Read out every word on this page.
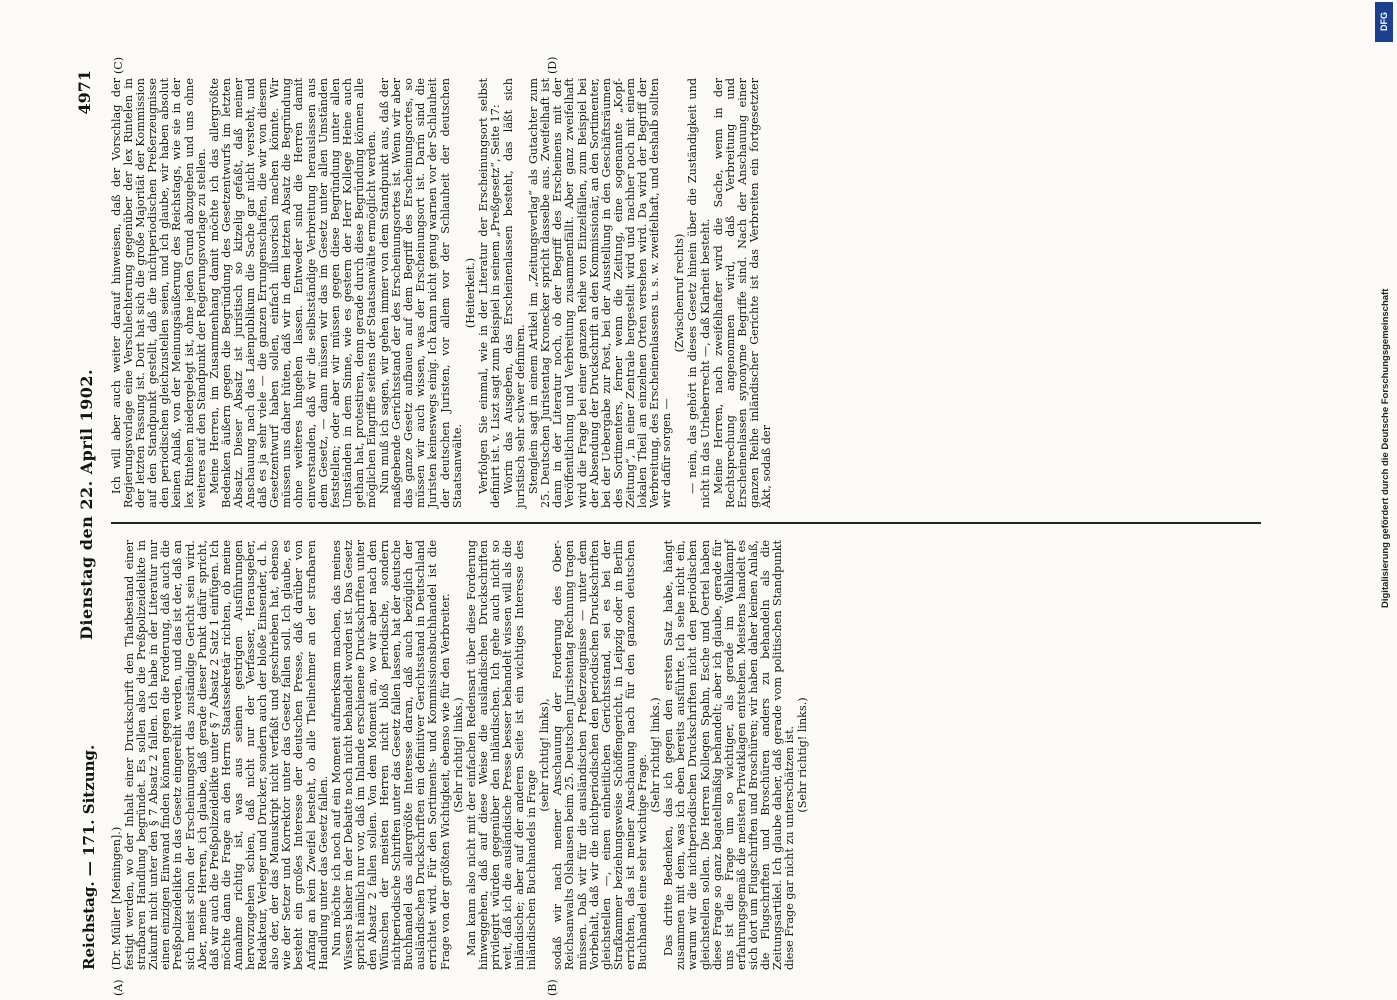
Reichstag. — 171. Sitzung.
Dienstag den 22. April 1902.
4971

(Dr. Müller [Meiningen].) festigt werden, wo der Inhalt einer Druckschrift den Thatbestand einer strafbaren Handlung begründet. Es sollen also die Preßpolizeidelikte in Zukunft nicht unter den § 7 Absatz 2 fallen. Ich habe in der Literatur nur einen einzigen Einwand finden können gegen die Forderung, daß auch die Preßpolizeidelikte in das Gesetz eingereiht werden, und das ist der, daß an sich meist schon der Erscheinungsort das zuständige Gericht sein wird. Aber, meine Herren, ich glaube, daß gerade dieser Punkt dafür spricht, daß wir auch die Preßpolizeidelikte unter § 7 Absatz 2 Satz 1 einfügen. Ich möchte dann die Frage an den Herrn Staatssekretär richten, ob meine Annahme richtig ist, was aus seinen gestrigen Ausführungen hervorzugehen schien, daß nicht nur der Verfasser, Herausgeber, Redakteur, Verleger und Drucker, sondern auch der bloße Einsender, d. h. also der, der das Manuskript nicht verfaßt und geschrieben hat, ebenso wie der Setzer und Korrektor unter das Gesetz fallen soll. Ich glaube, es besteht ein großes Interesse der deutschen Presse, daß darüber von Anfang an kein Zweifel besteht, ob alle Theilnehmer an der strafbaren Handlung unter das Gesetz fallen. Nun möchte ich noch auf ein Moment aufmerksam machen, das meines Wissens bisher in der Debatte noch nicht behandelt worden ist. Das Gesetz spricht nämlich nur vor, daß im Inlande erschienene Druckschriften unter den Absatz 2 fallen sollen. Von dem Moment an, wo wir aber nach den Wünschen der meisten Herren nicht bloß periodische, sondern nichtperiodische Schriften unter das Gesetz fallen lassen, hat der deutsche Buchhandel das allergrößte Interesse daran, daß auch bezüglich der ausländischen Druckschriften ein definitiver Gerichtsstand in Deutschland errichtet wird. Für den Sortiments- und Kommissionsbuchhandel ist die Frage von der größten Wichtigkeit, ebenso wie für den Verbreiter. (Sehr richtig! links.) Man kann also nicht mit der einfachen Redensart über diese Forderung hinweggehen, daß auf diese Weise die ausländischen Druckschriften privilegirt würden gegenüber den inländischen. Ich gehe auch nicht so weit, daß ich die ausländische Presse besser behandelt wissen will als die inländische; aber auf der anderen Seite ist ein wichtiges Interesse des inländischen Buchhandels in Frage

(sehr richtig! links), sodaß wir nach meiner Anschauung der Forderung des Ober-Reichsanwalts Olshausen beim 25. Deutschen Juristentag Rechnung tragen müssen. Daß wir für die ausländischen Preßerzeugnisse — unter dem Vorbehalt, daß wir die nichtperiodischen den periodischen Druckschriften gleichstellen —, einen einheitlichen Gerichtsstand, sei es bei der Strafkammer beziehungsweise Schöffengericht, in Leipzig oder in Berlin errichten, das ist meiner Anschauung nach für den ganzen deutschen Buchhandel eine sehr wichtige Frage. (Sehr richtig! links.) Das dritte Bedenken, das ich gegen den ersten Satz habe, hängt zusammen mit dem, was ich eben bereits ausführte. Ich sehe nicht ein, warum wir die nichtperiodischen Druckschriften nicht den periodischen gleichstellen sollen. Die Herren Kollegen Spahn, Esche und Oertel haben diese Frage so ganz bagatellmäßig behandelt; aber ich glaube, gerade für uns ist die Frage um so wichtiger, als gerade im Wahlkampf erfahrungsgemäß die meisten Privatklagen entstehen. Meistens handelt es sich dort um Flugschriften und Broschüren; wir haben daher keinen Anlaß, die Flugschriften und Broschüren anders zu behandeln als die Zeitungsartikel. Ich glaube daher, daß gerade vom politischen Standpunkt diese Frage gar nicht zu unterschätzen ist. (Sehr richtig! links.)

Ich will aber auch weiter darauf hinweisen, daß der Vorschlag der Regierungsvorlage eine Verschlechterung gegenüber der lex Rintelen in der letzten Fassung ist. Dort hat sich die große Majorität der Kommission auf den Standpunkt gestellt, daß die nichtperiodischen Preßerzeugnisse den periodischen gleichzustellen seien, und ich glaube, wir haben absolut keinen Anlaß, von der Meinungsäußerung des Reichstags, wie sie in der lex Rintelen niedergelegt ist, ohne jeden Grund abzugehen und uns ohne weiteres auf den Standpunkt der Regierungsvorlage zu stellen. Meine Herren, im Zusammenhang damit möchte ich das allergrößte Bedenken äußern gegen die Begründung des Gesetzentwurfs im letzten Absatz. Dieser Absatz ist juristisch so kitzelig gefaßt, daß meiner Anschauung nach das Laienpublikum die Sache gar nicht versteht, und daß es ja sehr viele — die ganzen Errungenschaften, die wir von diesem Gesetzentwurf haben sollen, einfach illusorisch machen könnte. Wir müssen uns daher hüten, daß wir in dem letzten Absatz die Begründung ohne weiteres hingehen lassen. Entweder sind die Herren damit einverstanden, daß wir die selbstständige Verbreitung herauslassen aus dem Gesetz, — dann müssen wir das im Gesetz unter allen Umständen feststellen; oder aber wir müssen gegen diese Begründung unter allen Umständen in dem Sinne, wie es gestern der Herr Kollege Heine auch gethan hat, protestiren, denn gerade durch diese Begründung können alle möglichen Eingriffe seitens der Staatsanwälte ermöglicht werden. Nun muß ich sagen, wir gehen immer von dem Standpunkt aus, daß der maßgebende Gerichtsstand der des Erscheinungsortes ist. Wenn wir aber das ganze Gesetz aufbauen auf dem Begriff des Erscheinungsortes, so müssen wir auch wissen, was der Erscheinungsort ist. Darin sind die Juristen keineswegs einig. Ich kann nicht genug warnen vor der Schlauheit der deutschen Juristen, vor allem vor der Schlauheit der deutschen Staatsanwälte.

(Heiterkeit.) Verfolgen Sie einmal, wie in der Literatur der Erscheinungsort selbst definirt ist. v. Liszt sagt zum Beispiel in seinem „Preßgesetz“, Seite 17: Worin das Ausgeben, das Erscheinenlassen besteht, das läßt sich juristisch sehr schwer definiren. Stenglein sagt in einem Artikel im „Zeitungsverlag“ als Gutachter zum 25. Deutschen Juristentag Kronecker spricht dasselbe aus. Zweifelhaft ist dann in der Literatur noch, ob der Begriff des Erscheinens mit der Veröffentlichung und Verbreitung zusammenfällt. Aber ganz zweifelhaft wird die Frage bei einer ganzen Reihe von Einzelfällen, zum Beispiel bei der Absendung der Druckschrift an den Kommissionär, an den Sortimenter, bei der Uebergabe zur Post, bei der Ausstellung in den Geschäftsräumen des Sortimenters, ferner wenn die Zeitung, eine sogenannte „Kopf-Zeitung“, in einer Zentrale hergestellt wird und nachher noch mit einem lokalen Theil an einzelnen Orten versehen wird. Da wird der Begriff der Verbreitung, des Erscheinenlassens u. s. w. zweifelhaft, und deshalb sollten wir dafür sorgen —

(Zwischenruf rechts) — nein, das gehört in dieses Gesetz hinein über die Zuständigkeit und nicht in das Urheberrecht —, daß Klarheit besteht. Meine Herren, nach zweifelhafter wird die Sache, wenn in der Rechtsprechung angenommen wird, daß Verbreitung und Erscheinenlassen synonyme Begriffe sind. Nach der Anschauung einer ganzen Reihe inländischer Gerichte ist das Verbreiten ein fortgesetzter Akt, sodaß der

(A)	(B)
(C)	(D)
DFG
Digitalisierung gefördert durch die Deutsche Forschungsgemeinschaft
